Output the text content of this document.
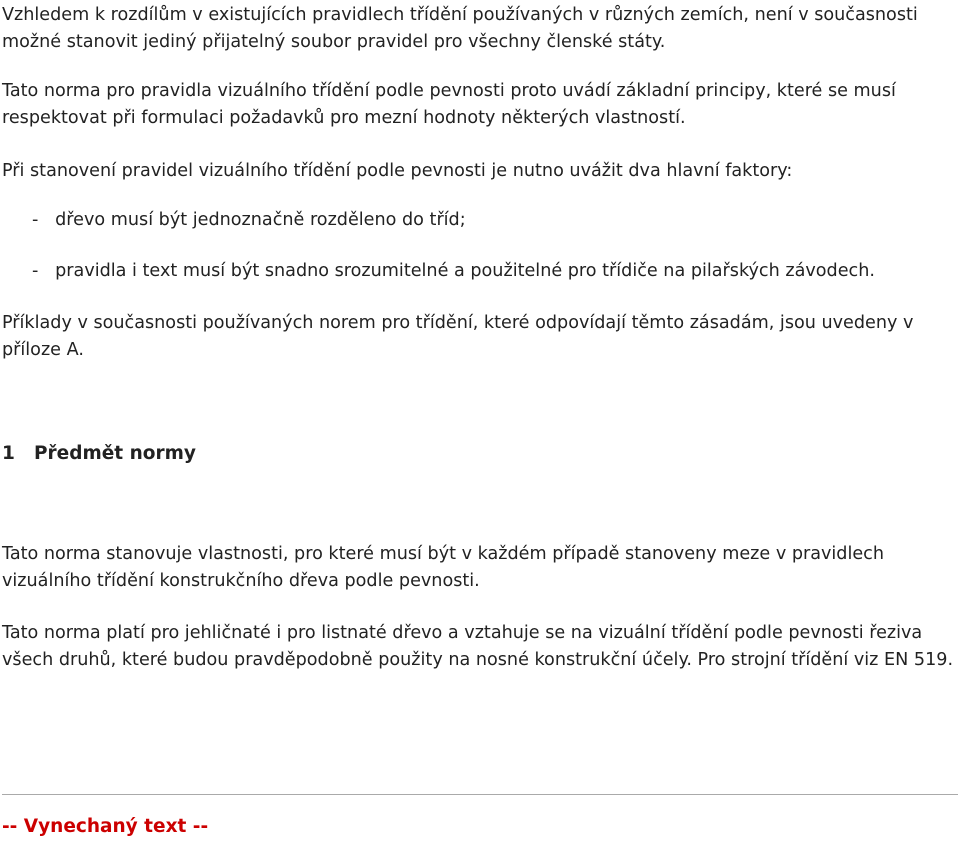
Vzhledem k rozdílům v existujících pravidlech třídění používaných v různých zemích, není v současnosti možné stanovit jediný přijatelný soubor pravidel pro všechny členské státy.

Tato norma pro pravidla vizuálního třídění podle pevnosti proto uvádí základní principy, které se musí respektovat při formulaci požadavků pro mezní hodnoty některých vlastností.

Při stanovení pravidel vizuálního třídění podle pevnosti je nutno uvážit dva hlavní faktory:

- dřevo musí být jednoznačně rozděleno do tříd;

- pravidla i text musí být snadno srozumitelné a použitelné pro třídiče na pilařských závodech.

Příklady v současnosti používaných norem pro třídění, které odpovídají těmto zásadám, jsou uvedeny v příloze A.

1 Předmět normy

Tato norma stanovuje vlastnosti, pro které musí být v každém případě stanoveny meze v pravidlech vizuálního třídění konstrukčního dřeva podle pevnosti.

Tato norma platí pro jehličnaté i pro listnaté dřevo a vztahuje se na vizuální třídění podle pevnosti řeziva všech druhů, které budou pravděpodobně použity na nosné konstrukční účely. Pro strojní třídění viz EN 519.

-- Vynechaný text --
